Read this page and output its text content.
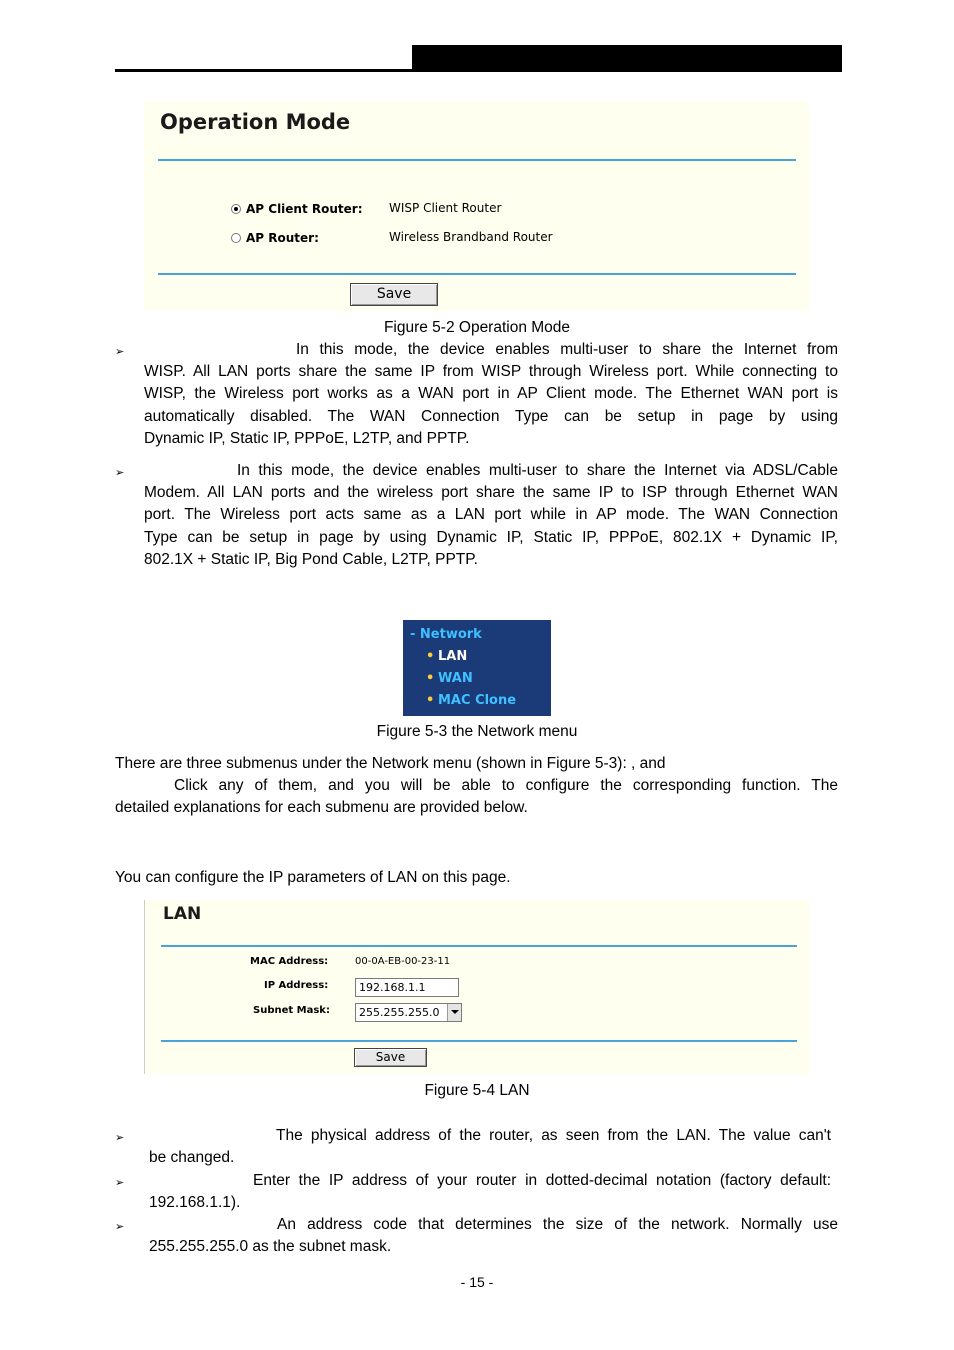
Operation Mode
AP Client Router: WISP Client Router
AP Router:	Wireless Brandband Router
Save
Figure 5-2 Operation Mode
➢	In this mode, the device enables multi-user to share the Internet from
WISP. All LAN ports share the same IP from WISP through Wireless port. While connecting to
WISP, the Wireless port works as a WAN port in AP Client mode. The Ethernet WAN port is
automatically disabled. The WAN Connection Type can be setup in page by using
Dynamic IP, Static IP, PPPoE, L2TP, and PPTP.
➢	In this mode, the device enables multi-user to share the Internet via ADSL/Cable
Modem. All LAN ports and the wireless port share the same IP to ISP through Ethernet WAN
port. The Wireless port acts same as a LAN port while in AP mode. The WAN Connection
Type can be setup in page by using Dynamic IP, Static IP, PPPoE, 802.1X + Dynamic IP,
802.1X + Static IP, Big Pond Cable, L2TP, PPTP.
- Network
• LAN
• WAN
• MAC Clone
Figure 5-3 the Network menu
There are three submenus under the Network menu (shown in Figure 5-3): , and
Click any of them, and you will be able to configure the corresponding function. The
detailed explanations for each submenu are provided below.
You can configure the IP parameters of LAN on this page.
LAN
MAC Address:	00-0A-EB-00-23-11
IP Address:	192.168.1.1
Subnet Mask:	255.255.255.0
Save
Figure 5-4 LAN
➢	The physical address of the router, as seen from the LAN. The value can't
be changed.
➢	Enter the IP address of your router in dotted-decimal notation (factory default:
192.168.1.1).
➢	An address code that determines the size of the network. Normally use
255.255.255.0 as the subnet mask.
- 15 -
